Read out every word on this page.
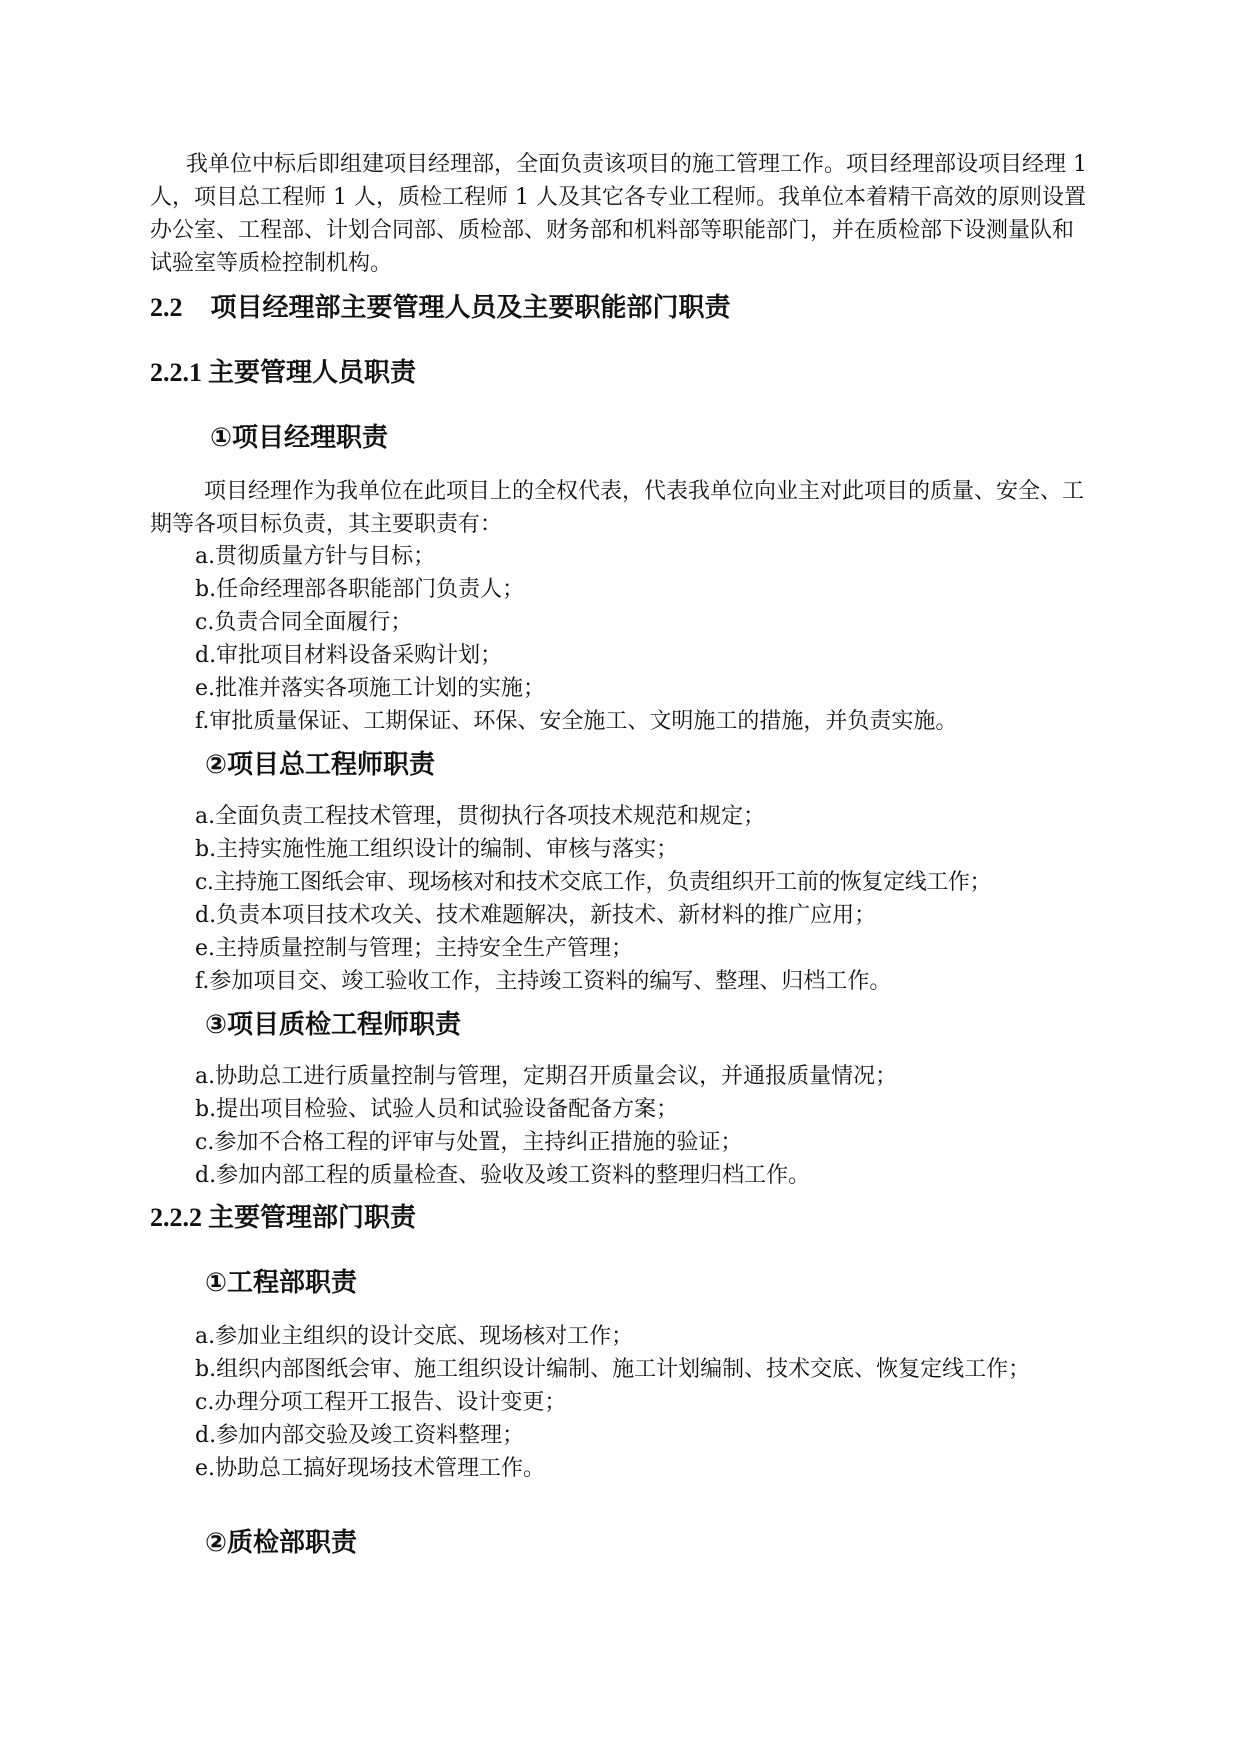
我单位中标后即组建项目经理部，全面负责该项目的施工管理工作。项目经理部设项目经理 1 人，项目总工程师 1 人，质检工程师 1 人及其它各专业工程师。我单位本着精干高效的原则设置办公室、工程部、计划合同部、质检部、财务部和机料部等职能部门，并在质检部下设测量队和试验室等质检控制机构。
2.2 项目经理部主要管理人员及主要职能部门职责
2.2.1 主要管理人员职责
①项目经理职责
项目经理作为我单位在此项目上的全权代表，代表我单位向业主对此项目的质量、安全、工期等各项目标负责，其主要职责有：
a.贯彻质量方针与目标；
b.任命经理部各职能部门负责人；
c.负责合同全面履行；
d.审批项目材料设备采购计划；
e.批准并落实各项施工计划的实施；
f.审批质量保证、工期保证、环保、安全施工、文明施工的措施，并负责实施。
②项目总工程师职责
a.全面负责工程技术管理，贯彻执行各项技术规范和规定；
b.主持实施性施工组织设计的编制、审核与落实；
c.主持施工图纸会审、现场核对和技术交底工作，负责组织开工前的恢复定线工作；
d.负责本项目技术攻关、技术难题解决，新技术、新材料的推广应用；
e.主持质量控制与管理；主持安全生产管理；
f.参加项目交、竣工验收工作，主持竣工资料的编写、整理、归档工作。
③项目质检工程师职责
a.协助总工进行质量控制与管理，定期召开质量会议，并通报质量情况；
b.提出项目检验、试验人员和试验设备配备方案；
c.参加不合格工程的评审与处置，主持纠正措施的验证；
d.参加内部工程的质量检查、验收及竣工资料的整理归档工作。
2.2.2 主要管理部门职责
①工程部职责
a.参加业主组织的设计交底、现场核对工作；
b.组织内部图纸会审、施工组织设计编制、施工计划编制、技术交底、恢复定线工作；
c.办理分项工程开工报告、设计变更；
d.参加内部交验及竣工资料整理；
e.协助总工搞好现场技术管理工作。
②质检部职责
